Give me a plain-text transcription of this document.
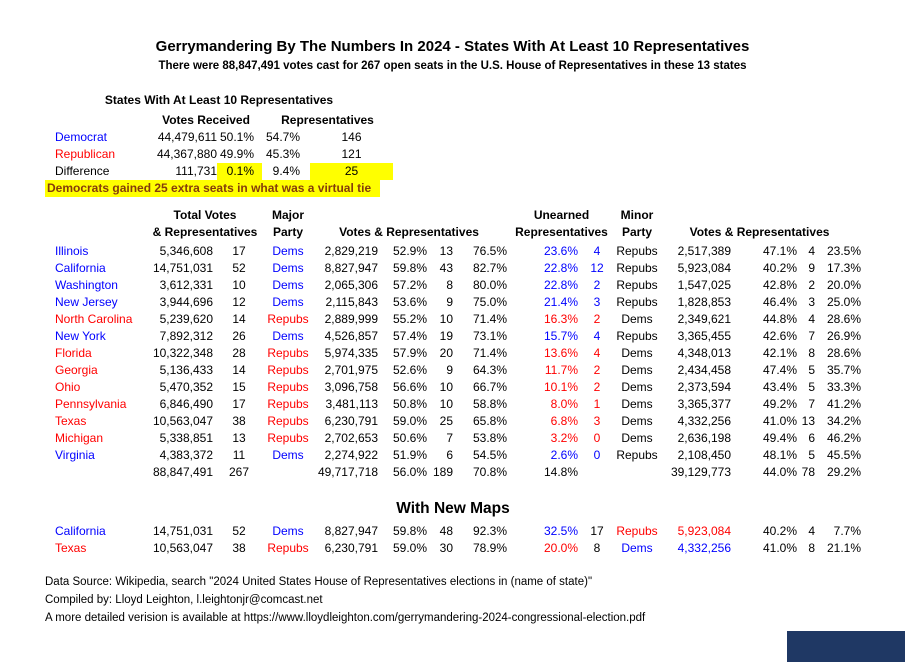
Gerrymandering By The Numbers In 2024 - States With At Least 10 Representatives
There were 88,847,491 votes cast for 267 open seats in the U.S. House of Representatives in these 13 states
States With At Least 10 Representatives
Votes Received	Representatives
Democrat	44,479,611 50.1% 54.7%	146
Republican	44,367,880 49.9% 45.3%	121
Difference	111,731 0.1%	9.4%	25
Democrats gained 25 extra seats in what was a virtual tie
Total Votes	Major	Unearned	Minor
& Representatives	Party	Votes & Representatives	Representatives	Party	Votes & Representatives
Illinois	5,346,608	17	Dems	2,829,219	52.9%	13	76.5%	23.6%	4	Repubs	2,517,389	47.1% 4 23.5%
California	14,751,031	52	Dems	8,827,947	59.8%	43	82.7%	22.8%	12	Repubs	5,923,084	40.2% 9 17.3%
Washington	3,612,331	10	Dems	2,065,306	57.2%	8	80.0%	22.8%	2	Repubs	1,547,025	42.8% 2 20.0%
New Jersey	3,944,696	12	Dems	2,115,843	53.6%	9	75.0%	21.4%	3	Repubs	1,828,853	46.4% 3 25.0%
North Carolina	5,239,620	14	Repubs	2,889,999	55.2%	10	71.4%	16.3%	2	Dems	2,349,621	44.8% 4 28.6%
New York	7,892,312	26	Dems	4,526,857	57.4%	19	73.1%	15.7%	4	Repubs	3,365,455	42.6% 7 26.9%
Florida	10,322,348	28	Repubs	5,974,335	57.9%	20	71.4%	13.6%	4	Dems	4,348,013	42.1% 8 28.6%
Georgia	5,136,433	14	Repubs	2,701,975	52.6%	9	64.3%	11.7%	2	Dems	2,434,458	47.4% 5 35.7%
Ohio	5,470,352	15	Repubs	3,096,758	56.6%	10	66.7%	10.1%	2	Dems	2,373,594	43.4% 5 33.3%
Pennsylvania	6,846,490	17	Repubs	3,481,113	50.8%	10	58.8%	8.0%	1	Dems	3,365,377	49.2% 7 41.2%
Texas	10,563,047	38	Repubs	6,230,791	59.0%	25	65.8%	6.8%	3	Dems	4,332,256	41.0% 13 34.2%
Michigan	5,338,851	13	Repubs	2,702,653	50.6%	7	53.8%	3.2%	0	Dems	2,636,198	49.4% 6 46.2%
Virginia	4,383,372	11	Dems	2,274,922	51.9%	6	54.5%	2.6%	0	Repubs	2,108,450	48.1% 5 45.5%
88,847,491	267	49,717,718	56.0% 189	70.8%	14.8%	39,129,773	44.0% 78 29.2%
With New Maps
California	14,751,031	52	Dems	8,827,947	59.8%	48	92.3%	32.5%	17	Repubs	5,923,084	40.2% 4	7.7%
Texas	10,563,047	38	Repubs	6,230,791	59.0%	30	78.9%	20.0%	8	Dems	4,332,256	41.0% 8 21.1%
Data Source: Wikipedia, search "2024 United States House of Representatives elections in (name of state)"
Compiled by: Lloyd Leighton, l.leightonjr@comcast.net
A more detailed verision is available at https://www.lloydleighton.com/gerrymandering-2024-congressional-election.pdf
